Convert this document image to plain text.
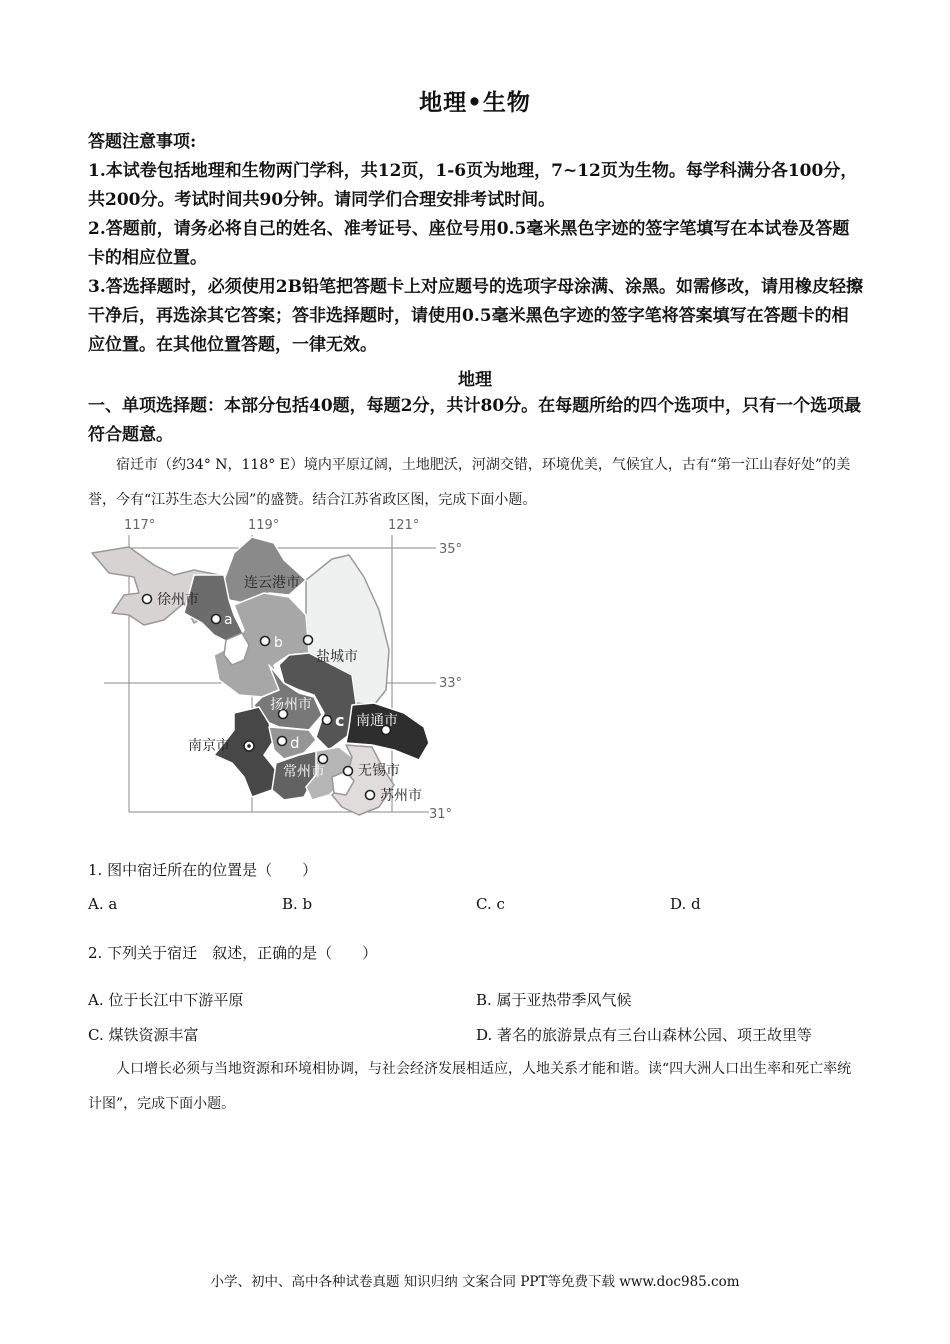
地理•生物

答题注意事项:

1.本试卷包括地理和生物两门学科，共12页，1-6页为地理，7~12页为生物。每学科满分各100分，共200分。考试时间共90分钟。请同学们合理安排考试时间。

2.答题前，请务必将自己的姓名、准考证号、座位号用0.5毫米黑色字迹的签字笔填写在本试卷及答题卡的相应位置。

3.答选择题时，必须使用2B铅笔把答题卡上对应题号的选项字母涂满、涂黑。如需修改，请用橡皮轻擦干净后，再选涂其它答案；答非选择题时，请使用0.5毫米黑色字迹的签字笔将答案填写在答题卡的相应位置。在其他位置答题，一律无效。

地理
一、单项选择题：本部分包括40题，每题2分，共计80分。在每题所给的四个选项中，只有一个选项最符合题意。
宿迁市（约34° N，118° E）境内平原辽阔，土地肥沃，河湖交错，环境优美，气候宜人，古有“第一江山春好处”的美誉，今有“江苏生态大公园”的盛赞。结合江苏省政区图，完成下面小题。
117°	119°	121°
35°
33°
31°
徐州市
a
b
连云港市
盐城市
扬州市
c 南通市
南京市	d
常州市 无锡市
苏州市
1. 图中宿迁所在的位置是（　　）
A. a	B. b	C. c	D. d
2. 下列关于宿迁　叙述，正确的是（　　）
A. 位于长江中下游平原	B. 属于亚热带季风气候
C. 煤铁资源丰富	D. 著名的旅游景点有三台山森林公园、项王故里等
人口增长必须与当地资源和环境相协调，与社会经济发展相适应，人地关系才能和谐。读“四大洲人口出生率和死亡率统计图”，完成下面小题。
小学、初中、高中各种试卷真题 知识归纳 文案合同 PPT等免费下载 www.doc985.com
